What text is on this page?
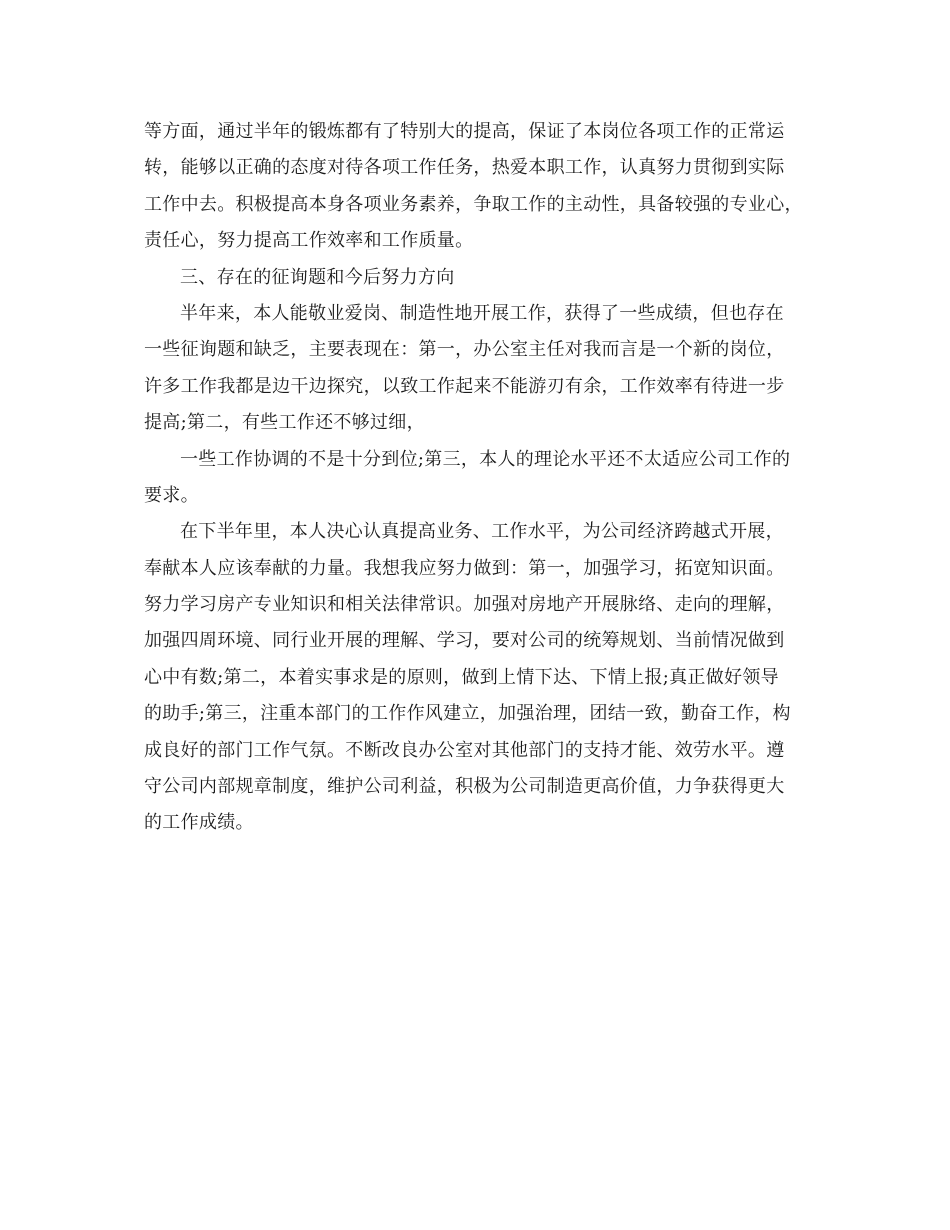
等方面，通过半年的锻炼都有了特别大的提高，保证了本岗位各项工作的正常运
转，能够以正确的态度对待各项工作任务，热爱本职工作，认真努力贯彻到实际
工作中去。积极提高本身各项业务素养，争取工作的主动性，具备较强的专业心，
责任心，努力提高工作效率和工作质量。
三、存在的征询题和今后努力方向
半年来，本人能敬业爱岗、制造性地开展工作，获得了一些成绩，但也存在
一些征询题和缺乏，主要表现在：第一，办公室主任对我而言是一个新的岗位，
许多工作我都是边干边探究，以致工作起来不能游刃有余，工作效率有待进一步
提高;第二，有些工作还不够过细，
一些工作协调的不是十分到位;第三，本人的理论水平还不太适应公司工作的
要求。
在下半年里，本人决心认真提高业务、工作水平，为公司经济跨越式开展，
奉献本人应该奉献的力量。我想我应努力做到：第一，加强学习，拓宽知识面。
努力学习房产专业知识和相关法律常识。加强对房地产开展脉络、走向的理解，
加强四周环境、同行业开展的理解、学习，要对公司的统筹规划、当前情况做到
心中有数;第二，本着实事求是的原则，做到上情下达、下情上报;真正做好领导
的助手;第三，注重本部门的工作作风建立，加强治理，团结一致，勤奋工作，构
成良好的部门工作气氛。不断改良办公室对其他部门的支持才能、效劳水平。遵
守公司内部规章制度，维护公司利益，积极为公司制造更高价值，力争获得更大
的工作成绩。
